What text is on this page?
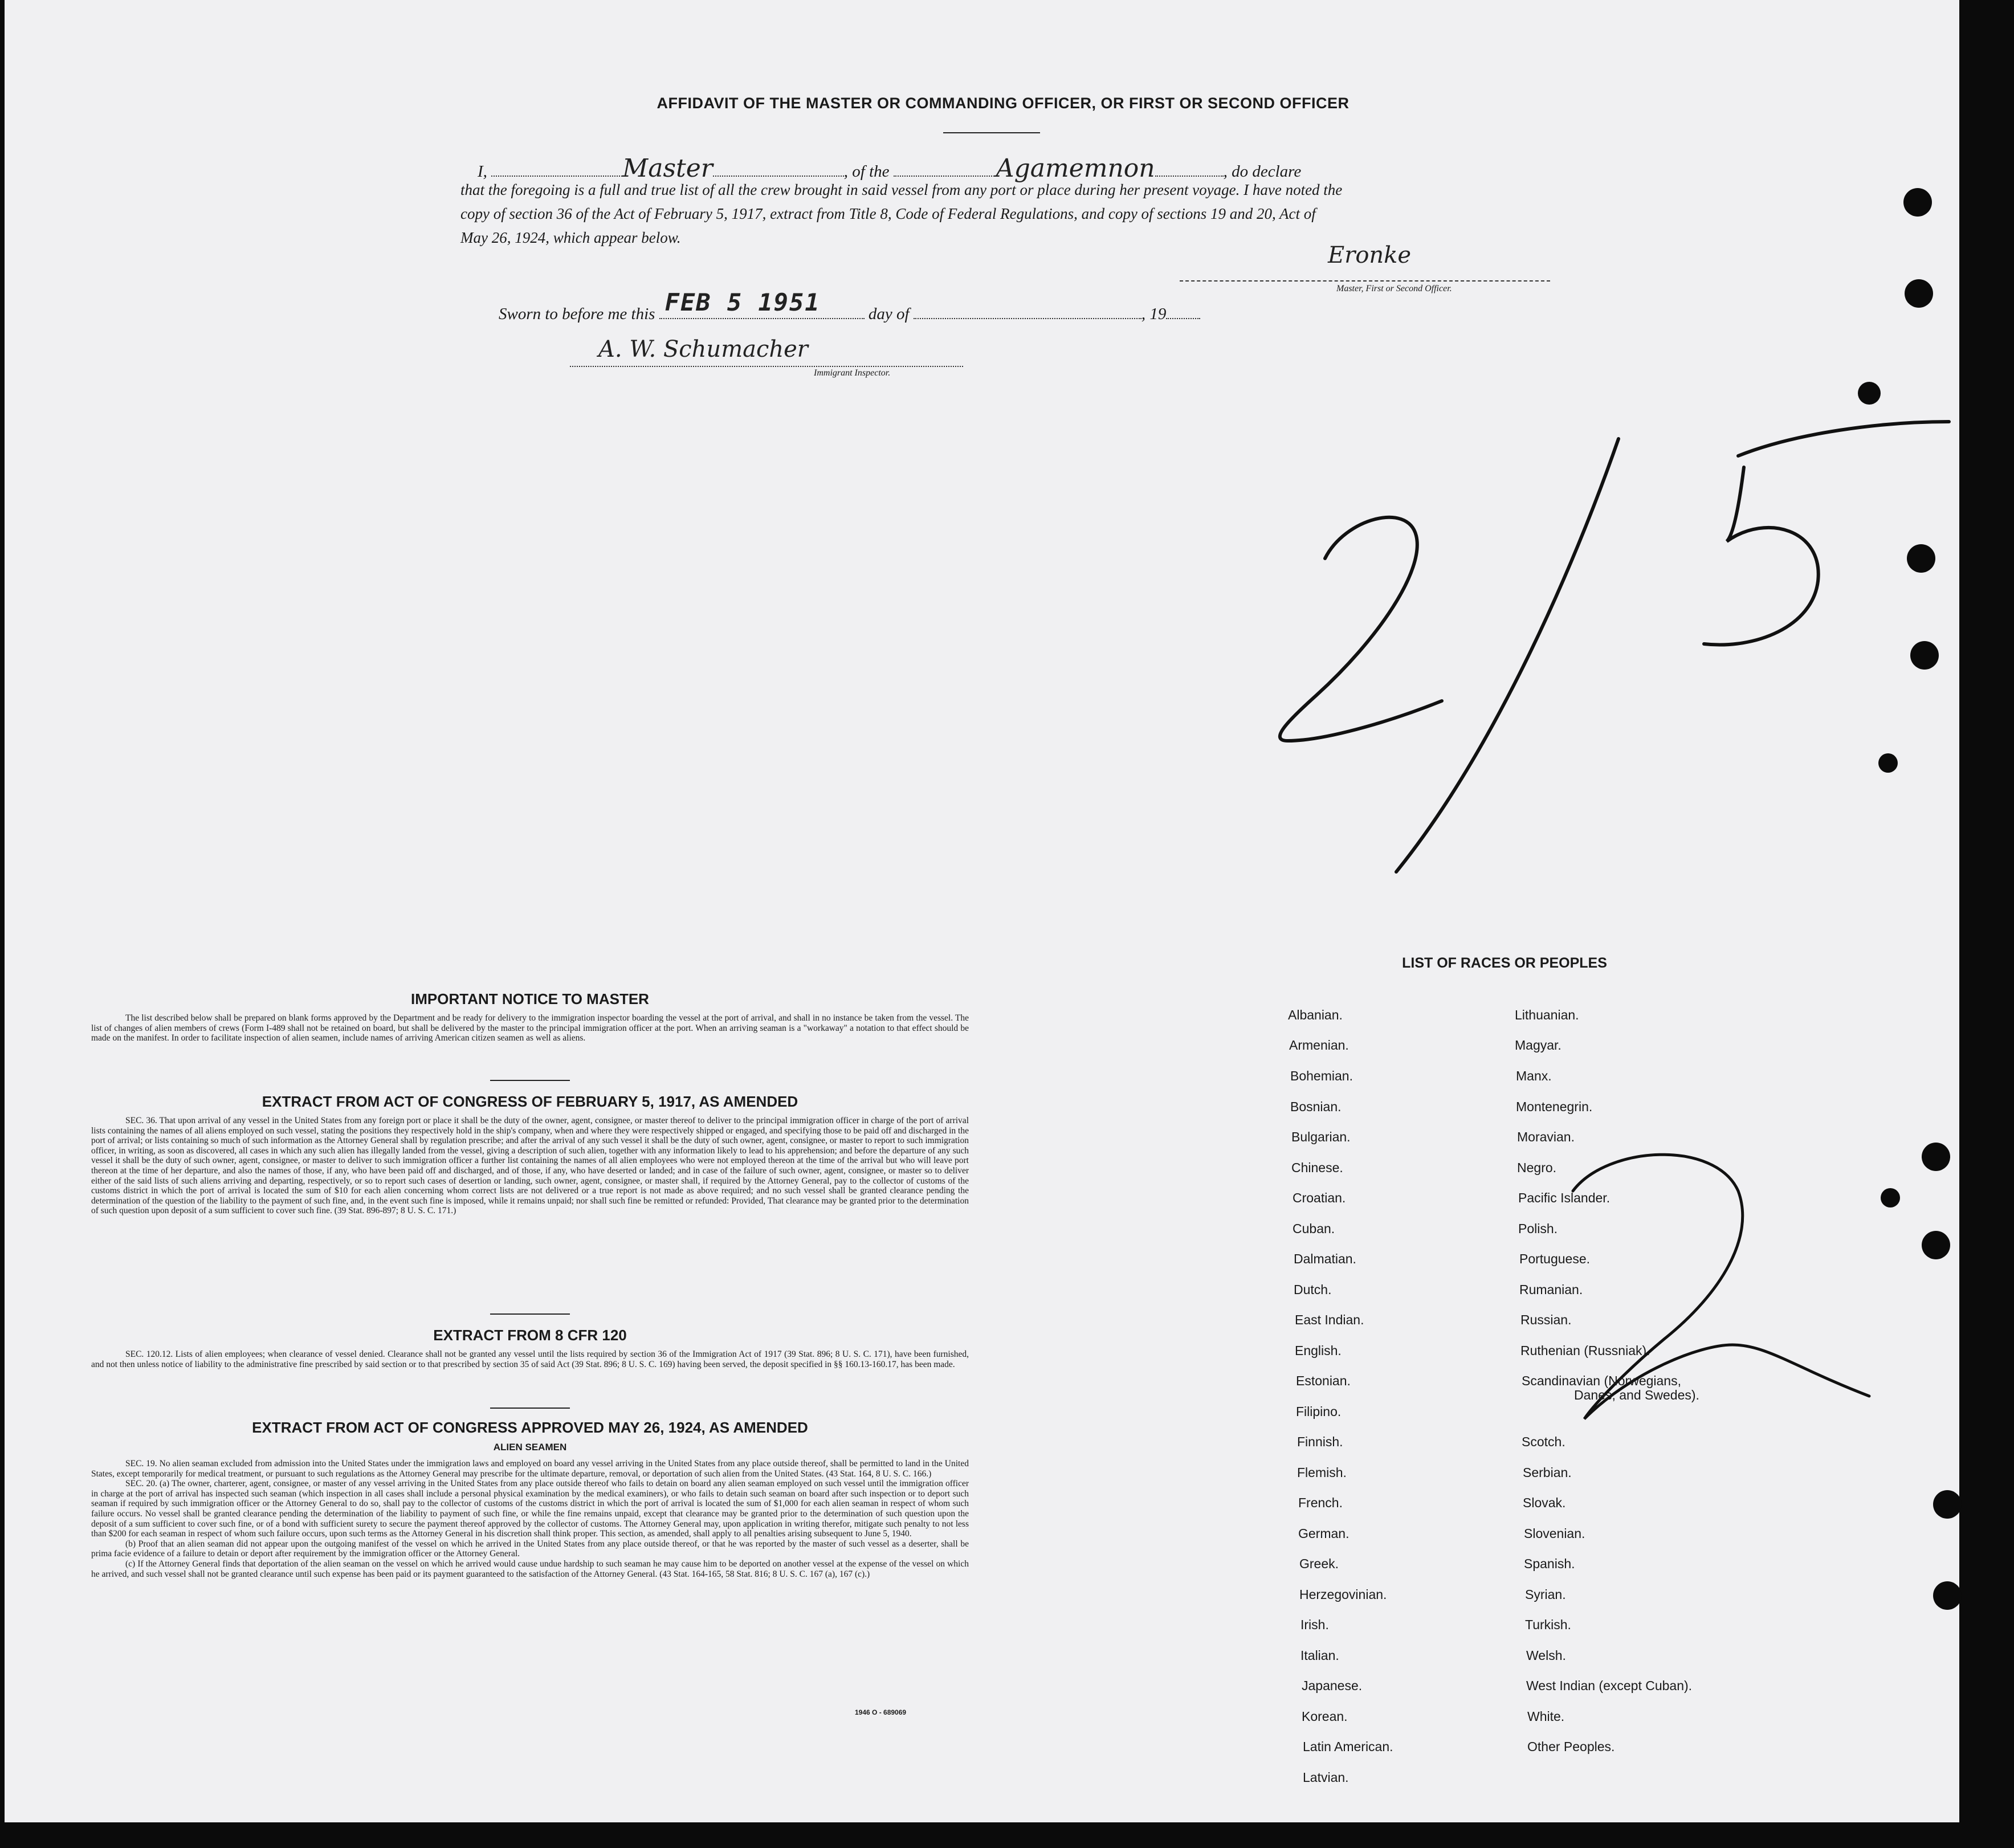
AFFIDAVIT OF THE MASTER OR COMMANDING OFFICER, OR FIRST OR SECOND OFFICER
I,	Master	, of the	Agamemnon	, do declare
that the foregoing is a full and true list of all the crew brought in said vessel from any port or place during her present voyage. I have noted the
copy of section 36 of the Act of February 5, 1917, extract from Title 8, Code of Federal Regulations, and copy of sections 19 and 20, Act of
May 26, 1924, which appear below.
Eronke
Master, First or Second Officer.
Sworn to before me this FEB 5 1951	day of	, 19
A. W. Schumacher
Immigrant Inspector.
IMPORTANT NOTICE TO MASTER
The list described below shall be prepared on blank forms approved by the Department and be ready for delivery to the immigration inspector boarding the vessel at the port of arrival, and shall in no instance be taken from the vessel. The list of changes of alien members of crews (Form I-489 shall not be retained on board, but shall be delivered by the master to the principal immigration officer at the port. When an arriving seaman is a "workaway" a notation to that effect should be made on the manifest. In order to facilitate inspection of alien seamen, include names of arriving American citizen seamen as well as aliens.
EXTRACT FROM ACT OF CONGRESS OF FEBRUARY 5, 1917, AS AMENDED
SEC. 36. That upon arrival of any vessel in the United States from any foreign port or place it shall be the duty of the owner, agent, consignee, or master thereof to deliver to the principal immigration officer in charge of the port of arrival lists containing the names of all aliens employed on such vessel, stating the positions they respectively hold in the ship's company, when and where they were respectively shipped or engaged, and specifying those to be paid off and discharged in the port of arrival; or lists containing so much of such information as the Attorney General shall by regulation prescribe; and after the arrival of any such vessel it shall be the duty of such owner, agent, consignee, or master to report to such immigration officer, in writing, as soon as discovered, all cases in which any such alien has illegally landed from the vessel, giving a description of such alien, together with any information likely to lead to his apprehension; and before the departure of any such vessel it shall be the duty of such owner, agent, consignee, or master to deliver to such immigration officer a further list containing the names of all alien employees who were not employed thereon at the time of the arrival but who will leave port thereon at the time of her departure, and also the names of those, if any, who have been paid off and discharged, and of those, if any, who have deserted or landed; and in case of the failure of such owner, agent, consignee, or master so to deliver either of the said lists of such aliens arriving and departing, respectively, or so to report such cases of desertion or landing, such owner, agent, consignee, or master shall, if required by the Attorney General, pay to the collector of customs of the customs district in which the port of arrival is located the sum of $10 for each alien concerning whom correct lists are not delivered or a true report is not made as above required; and no such vessel shall be granted clearance pending the determination of the question of the liability to the payment of such fine, and, in the event such fine is imposed, while it remains unpaid; nor shall such fine be remitted or refunded: Provided, That clearance may be granted prior to the determination of such question upon deposit of a sum sufficient to cover such fine. (39 Stat. 896-897; 8 U. S. C. 171.)
EXTRACT FROM 8 CFR 120
SEC. 120.12. Lists of alien employees; when clearance of vessel denied. Clearance shall not be granted any vessel until the lists required by section 36 of the Immigration Act of 1917 (39 Stat. 896; 8 U. S. C. 171), have been furnished, and not then unless notice of liability to the administrative fine prescribed by said section or to that prescribed by section 35 of said Act (39 Stat. 896; 8 U. S. C. 169) having been served, the deposit specified in §§ 160.13-160.17, has been made.
EXTRACT FROM ACT OF CONGRESS APPROVED MAY 26, 1924, AS AMENDED
ALIEN SEAMEN

SEC. 19. No alien seaman excluded from admission into the United States under the immigration laws and employed on board any vessel arriving in the United States from any place outside thereof, shall be permitted to land in the United States, except temporarily for medical treatment, or pursuant to such regulations as the Attorney General may prescribe for the ultimate departure, removal, or deportation of such alien from the United States. (43 Stat. 164, 8 U. S. C. 166.)

SEC. 20. (a) The owner, charterer, agent, consignee, or master of any vessel arriving in the United States from any place outside thereof who fails to detain on board any alien seaman employed on such vessel until the immigration officer in charge at the port of arrival has inspected such seaman (which inspection in all cases shall include a personal physical examination by the medical examiners), or who fails to detain such seaman on board after such inspection or to deport such seaman if required by such immigration officer or the Attorney General to do so, shall pay to the collector of customs of the customs district in which the port of arrival is located the sum of $1,000 for each alien seaman in respect of whom such failure occurs. No vessel shall be granted clearance pending the determination of the liability to payment of such fine, or while the fine remains unpaid, except that clearance may be granted prior to the determination of such question upon the deposit of a sum sufficient to cover such fine, or of a bond with sufficient surety to secure the payment thereof approved by the collector of customs. The Attorney General may, upon application in writing therefor, mitigate such penalty to not less than $200 for each seaman in respect of whom such failure occurs, upon such terms as the Attorney General in his discretion shall think proper. This section, as amended, shall apply to all penalties arising subsequent to June 5, 1940.

(b) Proof that an alien seaman did not appear upon the outgoing manifest of the vessel on which he arrived in the United States from any place outside thereof, or that he was reported by the master of such vessel as a deserter, shall be prima facie evidence of a failure to detain or deport after requirement by the immigration officer or the Attorney General.

(c) If the Attorney General finds that deportation of the alien seaman on the vessel on which he arrived would cause undue hardship to such seaman he may cause him to be deported on another vessel at the expense of the vessel on which he arrived, and such vessel shall not be granted clearance until such expense has been paid or its payment guaranteed to the satisfaction of the Attorney General. (43 Stat. 164-165, 58 Stat. 816; 8 U. S. C. 167 (a), 167 (c).)

1946 O - 689069
LIST OF RACES OR PEOPLES
Albanian.
Armenian.
Bohemian.
Bosnian.
Bulgarian.
Chinese.
Croatian.
Cuban.
Dalmatian.
Dutch.
East Indian.
English.
Estonian.
Filipino.
Finnish.
Flemish.
French.
German.
Greek.
Herzegovinian.
Irish.
Italian.
Japanese.
Korean.
Latin American.
Latvian.
Lithuanian.
Magyar.
Manx.
Montenegrin.
Moravian.
Negro.
Pacific Islander.
Polish.
Portuguese.
Rumanian.
Russian.
Ruthenian (Russniak).
Scandinavian (Norwegians,
Danes, and Swedes).
Scotch.
Serbian.
Slovak.
Slovenian.
Spanish.
Syrian.
Turkish.
Welsh.
West Indian (except Cuban).
White.
Other Peoples.
